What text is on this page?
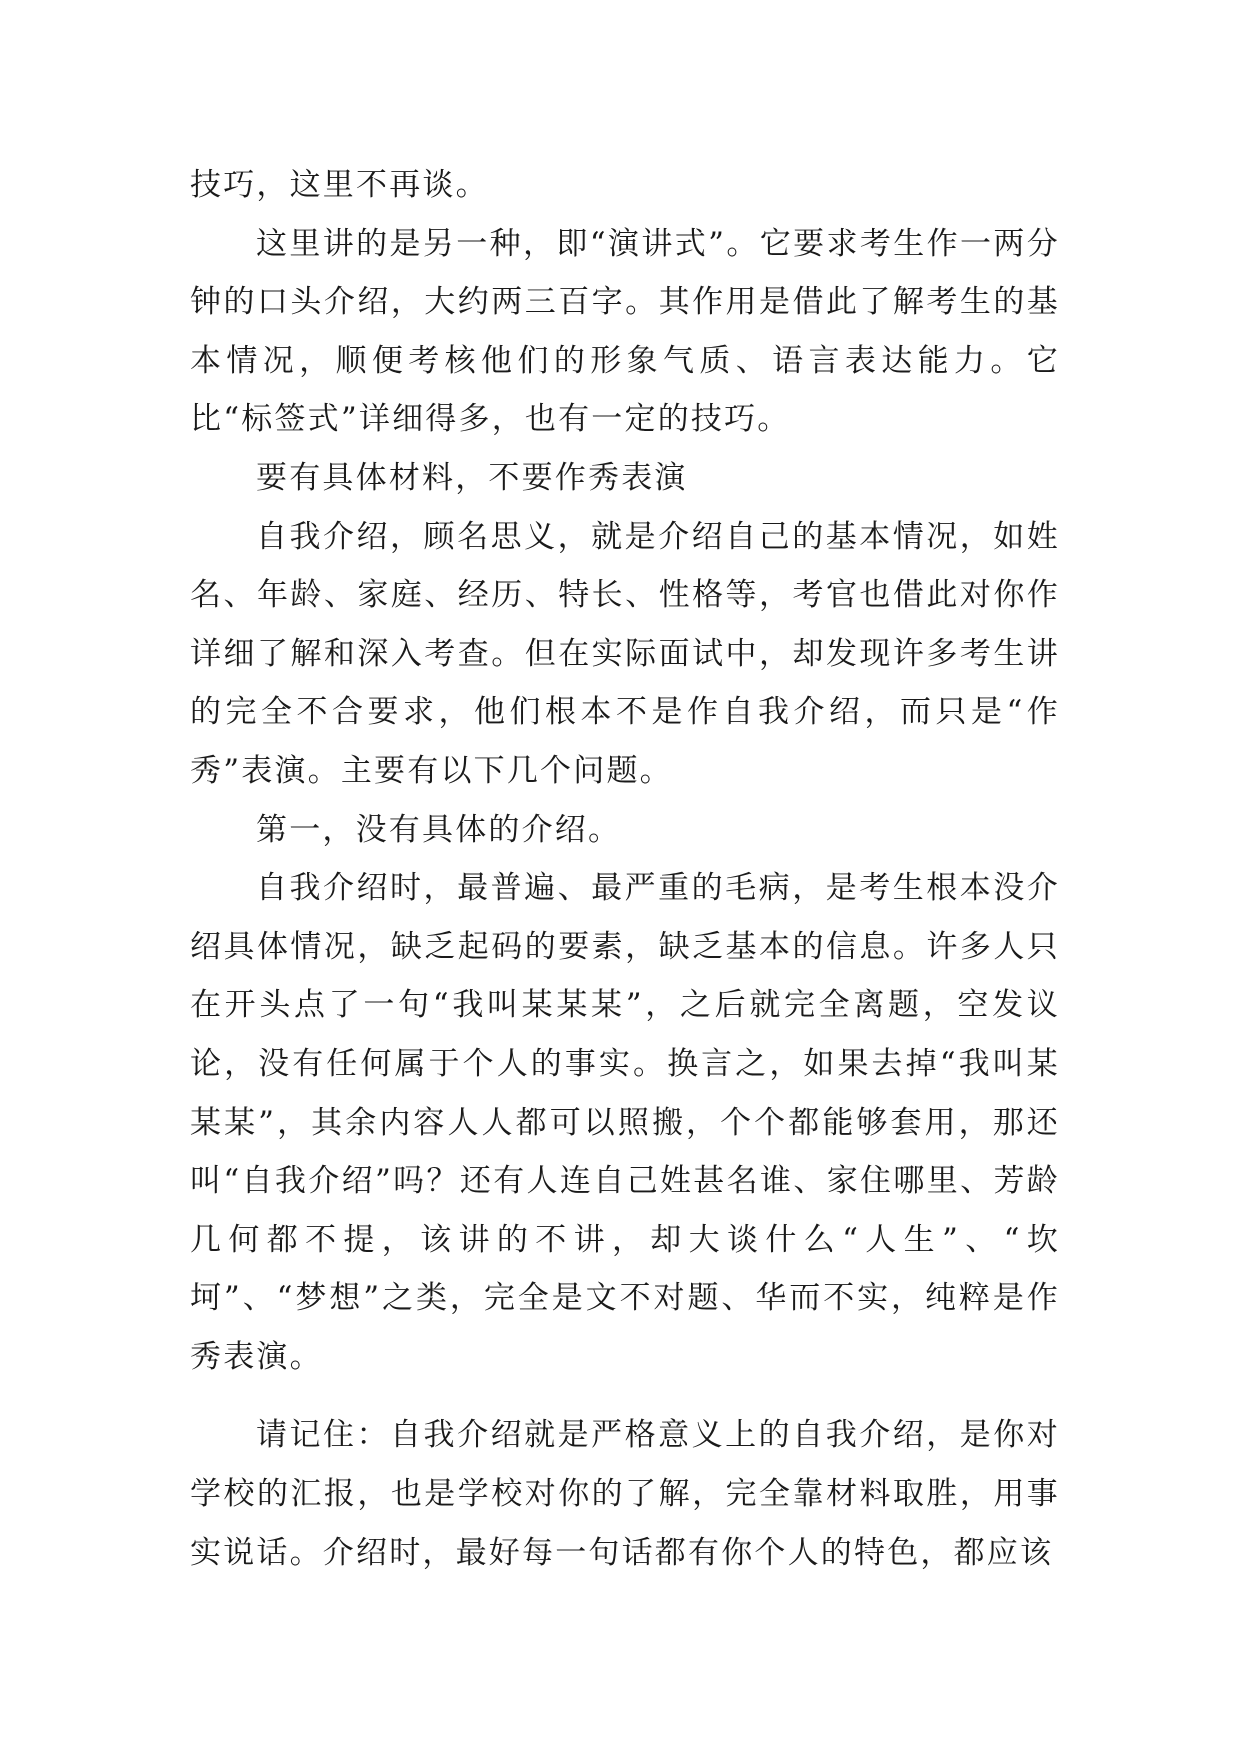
技巧，这里不再谈。

这里讲的是另一种，即“演讲式”。它要求考生作一两分钟的口头介绍，大约两三百字。其作用是借此了解考生的基本情况，顺便考核他们的形象气质、语言表达能力。它比“标签式”详细得多，也有一定的技巧。

要有具体材料，不要作秀表演

自我介绍，顾名思义，就是介绍自己的基本情况，如姓名、年龄、家庭、经历、特长、性格等，考官也借此对你作详细了解和深入考查。但在实际面试中，却发现许多考生讲的完全不合要求，他们根本不是作自我介绍，而只是“作秀”表演。主要有以下几个问题。

第一，没有具体的介绍。

自我介绍时，最普遍、最严重的毛病，是考生根本没介绍具体情况，缺乏起码的要素，缺乏基本的信息。许多人只在开头点了一句“我叫某某某”，之后就完全离题，空发议论，没有任何属于个人的事实。换言之，如果去掉“我叫某某某”，其余内容人人都可以照搬，个个都能够套用，那还叫“自我介绍”吗？还有人连自己姓甚名谁、家住哪里、芳龄几何都不提，该讲的不讲，却大谈什么“人生”、“坎坷”、“梦想”之类，完全是文不对题、华而不实，纯粹是作秀表演。

请记住：自我介绍就是严格意义上的自我介绍，是你对学校的汇报，也是学校对你的了解，完全靠材料取胜，用事实说话。介绍时，最好每一句话都有你个人的特色，都应该
